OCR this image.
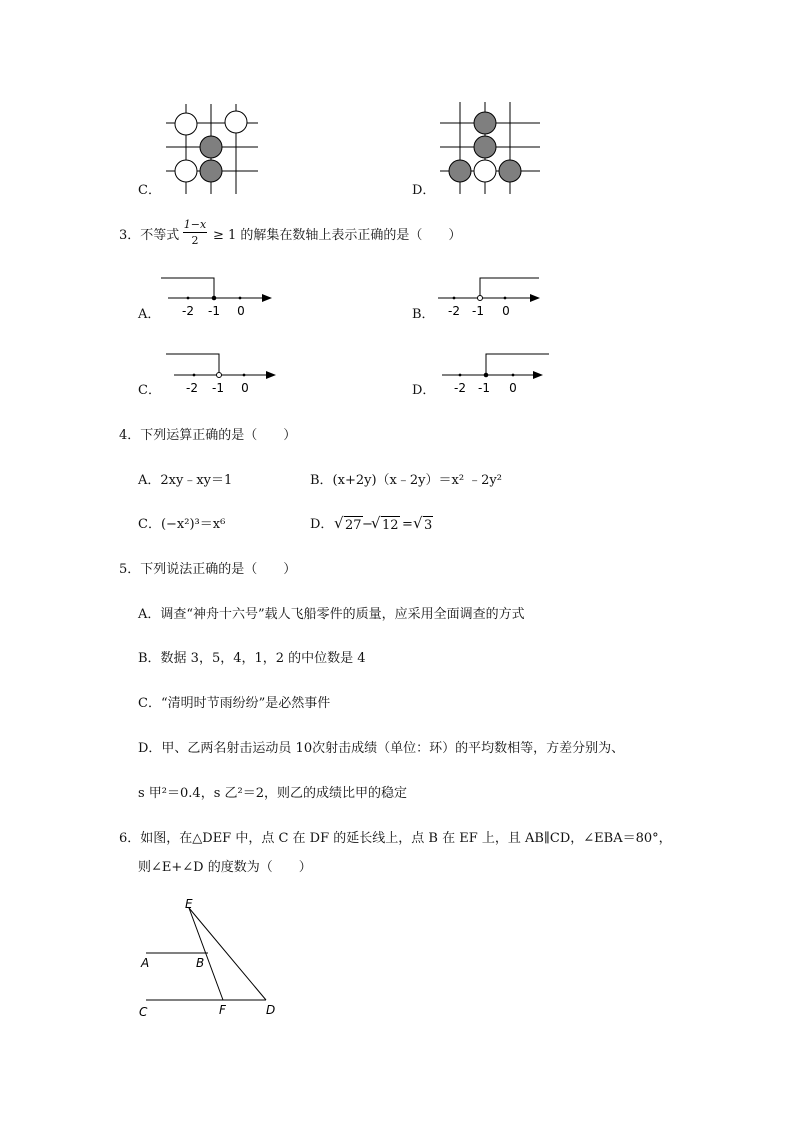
C．	D．
3．不等式
1−x
2	≥ 1 的解集在数轴上表示正确的是（　　）
A． -2 -1 0	B． -2 -1 0
C． -2 -1 0	D． -2 -1 0
4．下列运算正确的是（　　）
A．2xy﹣xy＝1	B．(x+2y)（x﹣2y）＝x² ﹣2y²
C．(−x²)³＝x⁶	D． √ 27 −
√ 12 = √ 3
5．下列说法正确的是（　　）
A．调查“神舟十六号”载人飞船零件的质量，应采用全面调查的方式
B．数据 3，5，4，1，2 的中位数是 4
C．“清明时节雨纷纷”是必然事件
D．甲、乙两名射击运动员 10次射击成绩（单位：环）的平均数相等，方差分别为、
s 甲²＝0.4，s 乙²＝2，则乙的成绩比甲的稳定
6．如图，在△DEF 中，点 C 在 DF 的延长线上，点 B 在 EF 上，且 AB∥CD，∠EBA＝80°，
则∠E+∠D 的度数为（　　）
E
A	B
C	F	D
